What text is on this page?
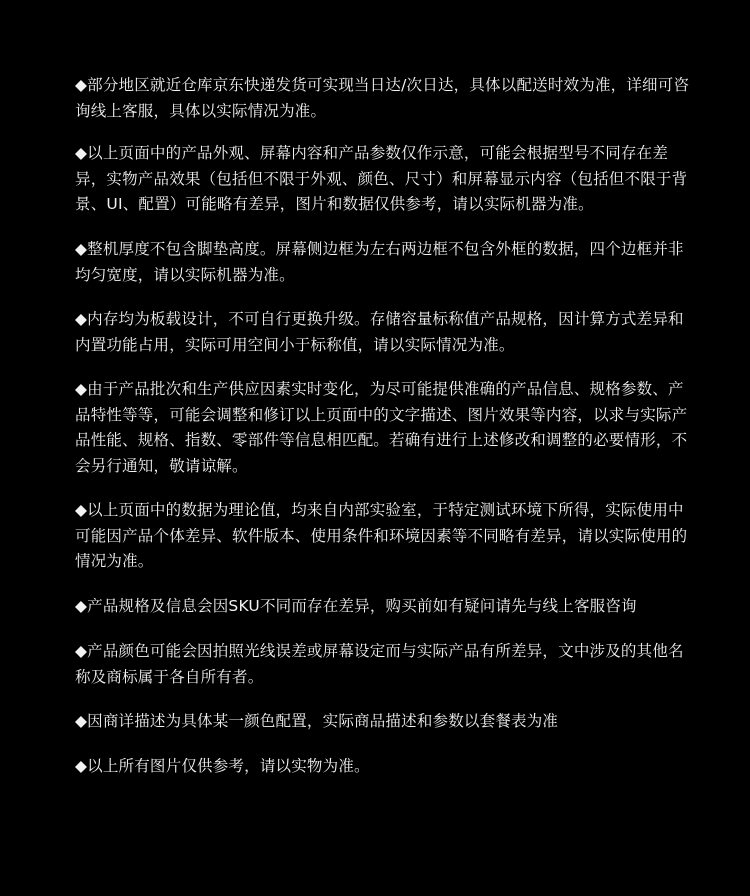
◆部分地区就近仓库京东快递发货可实现当日达/次日达，具体以配送时效为准，详细可咨询线上客服，具体以实际情况为准。
◆以上页面中的产品外观、屏幕内容和产品参数仅作示意，可能会根据型号不同存在差异，实物产品效果（包括但不限于外观、颜色、尺寸）和屏幕显示内容（包括但不限于背景、UI、配置）可能略有差异，图片和数据仅供参考，请以实际机器为准。
◆整机厚度不包含脚垫高度。屏幕侧边框为左右两边框不包含外框的数据，四个边框并非均匀宽度，请以实际机器为准。
◆内存均为板载设计，不可自行更换升级。存储容量标称值产品规格，因计算方式差异和内置功能占用，实际可用空间小于标称值，请以实际情况为准。
◆由于产品批次和生产供应因素实时变化，为尽可能提供准确的产品信息、规格参数、产品特性等等，可能会调整和修订以上页面中的文字描述、图片效果等内容，以求与实际产品性能、规格、指数、零部件等信息相匹配。若确有进行上述修改和调整的必要情形，不会另行通知，敬请谅解。
◆以上页面中的数据为理论值，均来自内部实验室，于特定测试环境下所得，实际使用中可能因产品个体差异、软件版本、使用条件和环境因素等不同略有差异，请以实际使用的情况为准。
◆产品规格及信息会因SKU不同而存在差异，购买前如有疑问请先与线上客服咨询
◆产品颜色可能会因拍照光线误差或屏幕设定而与实际产品有所差异，文中涉及的其他名称及商标属于各自所有者。
◆因商详描述为具体某一颜色配置，实际商品描述和参数以套餐表为准
◆以上所有图片仅供参考，请以实物为准。
